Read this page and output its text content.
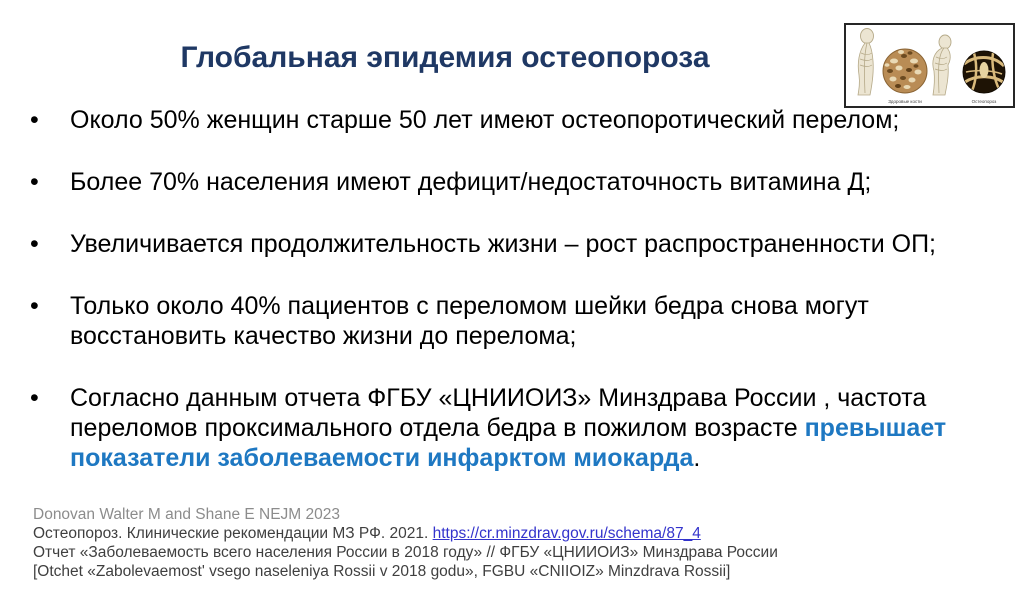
Глобальная эпидемия остеопороза
Здоровые кости	Остеопороз
•	Около 50% женщин старше 50 лет имеют остеопоротический перелом;
•	Более 70% населения имеют дефицит/недостаточность витамина Д;
•	Увеличивается продолжительность жизни – рост распространенности ОП;
•	Только около 40% пациентов с переломом шейки бедра снова могут восстановить качество жизни до перелома;
•	Согласно данным отчета ФГБУ «ЦНИИОИЗ» Минздрава России , частота переломов проксимального отдела бедра в пожилом возрасте превышает показатели заболеваемости инфарктом миокарда.

Donovan Walter M and Shane E NEJM 2023

Остеопороз. Клинические рекомендации МЗ РФ. 2021. https://cr.minzdrav.gov.ru/schema/87_4

Отчет «Заболеваемость всего населения России в 2018 году» // ФГБУ «ЦНИИОИЗ» Минздрава России

[Otchet «Zabolevaemost' vsego naseleniya Rossii v 2018 godu», FGBU «CNIIOIZ» Minzdrava Rossii]
